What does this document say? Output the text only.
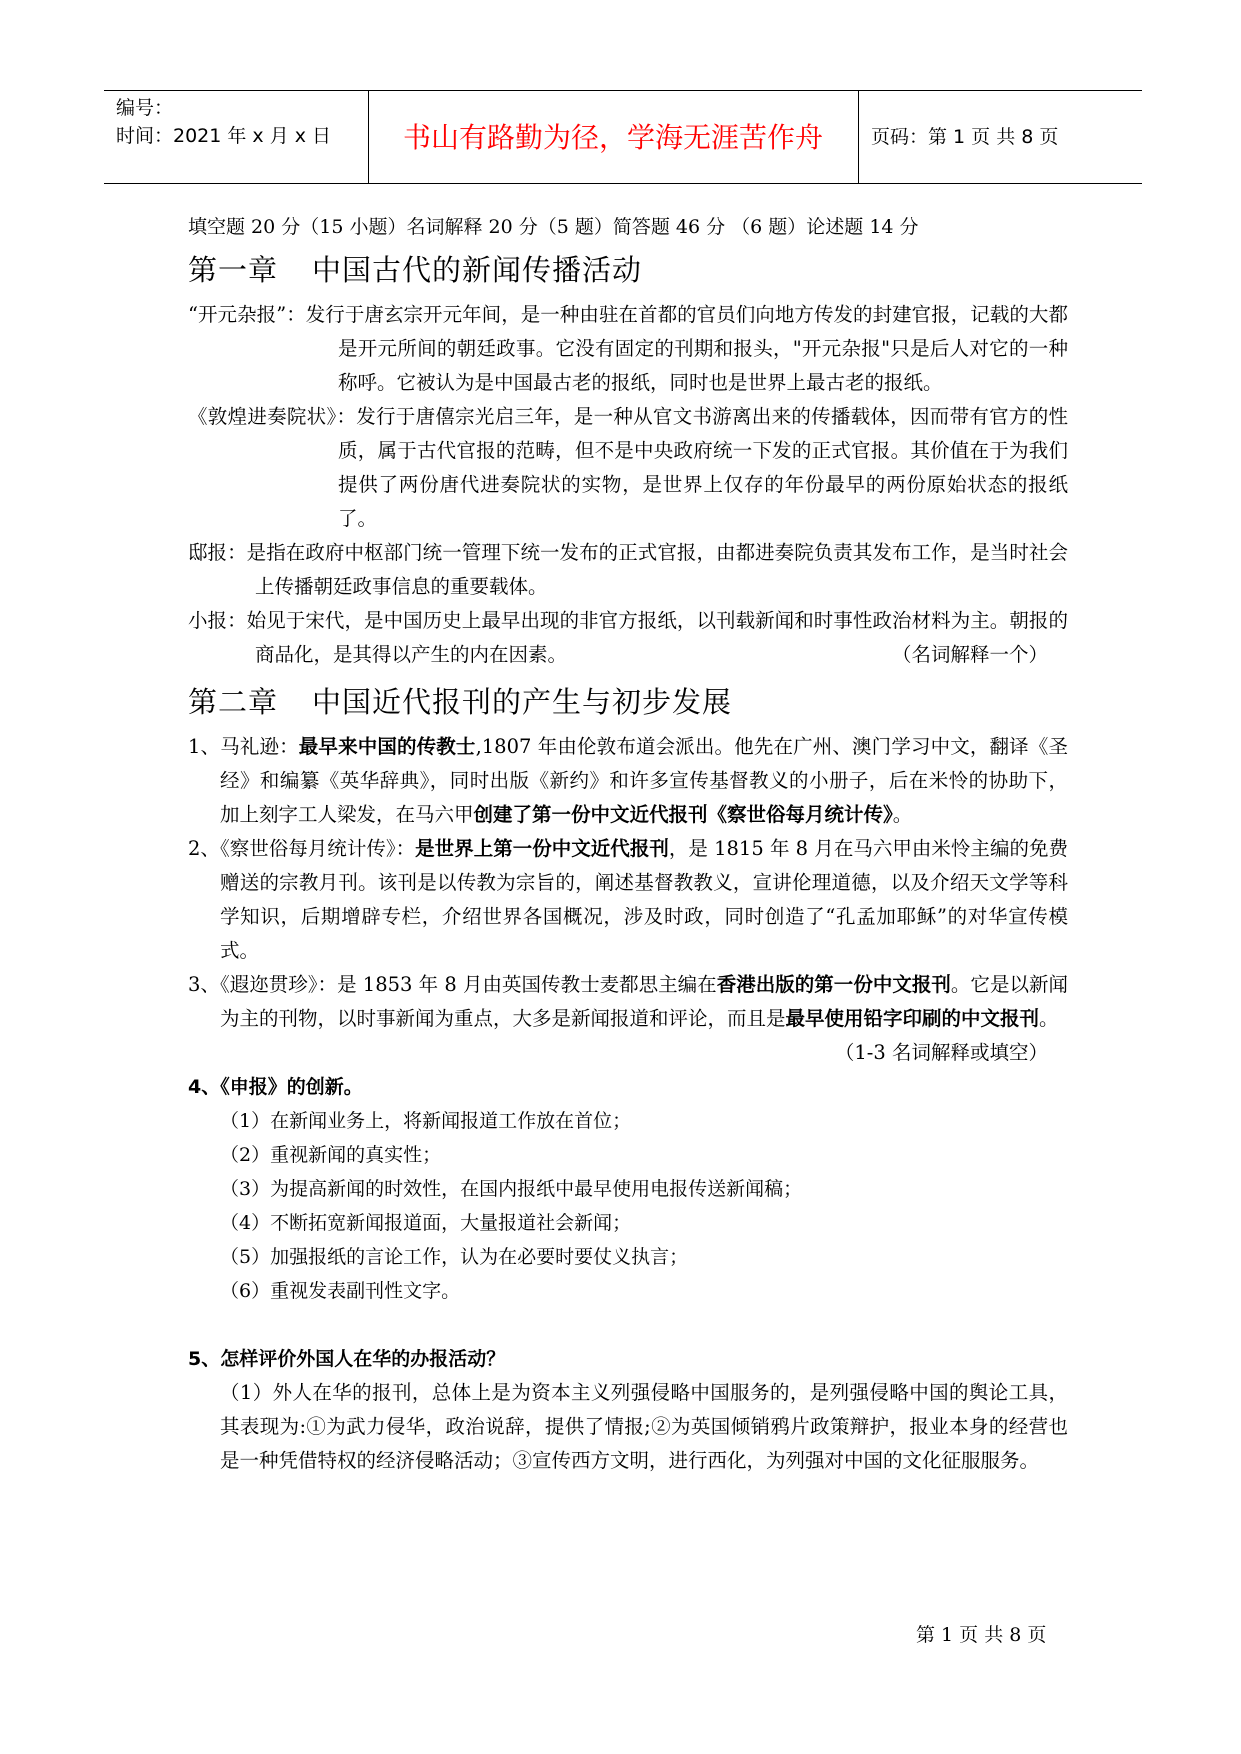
编号：
时间：2021 年 x 月 x 日	书山有路勤为径，学海无涯苦作舟	页码：第 1 页 共 8 页
填空题 20 分（15 小题）名词解释 20 分（5 题）简答题 46 分 （6 题）论述题 14 分
第一章 中国古代的新闻传播活动
“开元杂报”：发行于唐玄宗开元年间，是一种由驻在首都的官员们向地方传发的封建官报，记载的大都是开元所间的朝廷政事。它没有固定的刊期和报头，"开元杂报"只是后人对它的一种称呼。它被认为是中国最古老的报纸，同时也是世界上最古老的报纸。
《敦煌进奏院状》：发行于唐僖宗光启三年，是一种从官文书游离出来的传播载体，因而带有官方的性质，属于古代官报的范畴，但不是中央政府统一下发的正式官报。其价值在于为我们提供了两份唐代进奏院状的实物，是世界上仅存的年份最早的两份原始状态的报纸了。
邸报：是指在政府中枢部门统一管理下统一发布的正式官报，由都进奏院负责其发布工作，是当时社会上传播朝廷政事信息的重要载体。
小报：始见于宋代，是中国历史上最早出现的非官方报纸，以刊载新闻和时事性政治材料为主。朝报的商品化，是其得以产生的内在因素。	（名词解释一个）
第二章 中国近代报刊的产生与初步发展
1、马礼逊：最早来中国的传教士,1807 年由伦敦布道会派出。他先在广州、澳门学习中文，翻译《圣经》和编纂《英华辞典》，同时出版《新约》和许多宣传基督教义的小册子，后在米怜的协助下，加上刻字工人梁发，在马六甲创建了第一份中文近代报刊《察世俗每月统计传》。
2、《察世俗每月统计传》：是世界上第一份中文近代报刊，是 1815 年 8 月在马六甲由米怜主编的免费赠送的宗教月刊。该刊是以传教为宗旨的，阐述基督教教义，宣讲伦理道德，以及介绍天文学等科学知识，后期增辟专栏，介绍世界各国概况，涉及时政，同时创造了“孔孟加耶稣”的对华宣传模式。
3、《遐迩贯珍》：是 1853 年 8 月由英国传教士麦都思主编在香港出版的第一份中文报刊。它是以新闻为主的刊物，以时事新闻为重点，大多是新闻报道和评论，而且是最早使用铅字印刷的中文报刊。
（1-3 名词解释或填空）
4、《申报》的创新。
（1）在新闻业务上，将新闻报道工作放在首位；
（2）重视新闻的真实性；
（3）为提高新闻的时效性，在国内报纸中最早使用电报传送新闻稿；
（4）不断拓宽新闻报道面，大量报道社会新闻；
（5）加强报纸的言论工作，认为在必要时要仗义执言；
（6）重视发表副刊性文字。
5、怎样评价外国人在华的办报活动？
（1）外人在华的报刊，总体上是为资本主义列强侵略中国服务的，是列强侵略中国的舆论工具，其表现为:①为武力侵华，政治说辞，提供了情报;②为英国倾销鸦片政策辩护，报业本身的经营也是一种凭借特权的经济侵略活动；③宣传西方文明，进行西化，为列强对中国的文化征服服务。
第 1 页 共 8 页
